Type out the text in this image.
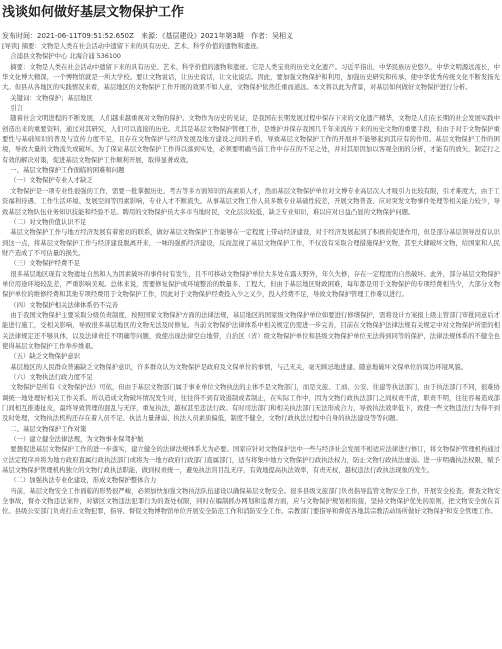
浅谈如何做好基层文物保护工作
发布时间：2021-06-11T09:51:52.650Z 来源：《基层建设》2021年第3期 作者：吴相义

[导读] 摘要：文物是人类在社会活动中遗留下来的具有历史、艺术、科学价值的遗物和遗迹。

合浦县文物保护中心 北海合浦 536100

摘要：文物是人类在社会活动中遗留下来的具有历史、艺术、科学价值的遗物和遗迹。它是人类宝贵的历史文化遗产。习近平指出，中华民族历史悠久，中华文明源远流长，中华文化博大精深，一个博物馆就是一所大学校。要让文物说话，让历史说话，让文化说话。因此，要加强文物保护和利用，加强历史研究和传承，使中华优秀传统文化不断发扬光大。但县从各地区的实践情况来看，基层地区的文物保护工作开展的效果不如人意，文物保护依然任重而道远。本文将以此为背景，对基层如何做好文物保护进行分析。

关键词：文物保护；基层地区

引言

随着社会文明进程的不断发展，人们越来越重视对文物的保护。文物作为历史的见证，是我国在长期发展过程中保存下来的文化遗产精华，文物是人们在长期的社会发展实践中创造出来的重要资料，通过对其研究，人们可以直接的历史。尤其是基层文物保护管理工作，是维护并保存我国几千年来流传下来的历史文物的重要手段，但由于对于文物保护重要性与基础知识的普及与宣传力度不足，且存在文物保护与经济发展及地方建设之间的矛盾，导致基层文物保护工作的开展并不能够起到其应有的作用。基层文物保护工作的困境，导致大量的文物流失或破坏。为了保证基层文物保护工作得以落到实处，必须要明确当前工作中存在的不足之处，并对其原因加以客观全面的分析，才能有的放矢，制定行之有效的解决对策，促进基层文物保护工作顺利开展，取得显著成效。

一、基层文物保护工作面临的困难和问题

（一）文物保护专业人才缺乏

文物保护是一项专业性很强的工作，需要一批掌握历史、考古等多方面知识的高素质人才，然而基层文物保护单位对文博专业高层次人才吸引力比较有限，引才难度大，由于工资福利待遇、工作生活环境、发展空间等因素影响，专业人才不断流失。从事基层文物工作人员多数专业基础性较差，开展文物普查、应对突发文物事件处理等相关能力较少，导致基层文物队伍业务知识技能和经验不足。聘用的文物保护员大多市当地时民，文化层次较低，缺乏专业知识，难以应对日益凸显的文物保护问题。

（二）对文物价值认识不足

基层文物保护工作与地方经济发展有着密切的联系，做好基层文物保护工作能够在一定程度上带动经济建设，对于经济发展起到了积极的促进作用，但是部分基层领导没有认识到这一点，将基层文物保护工作与经济建设脱离开来，一味的强抓经济建设，反而忽视了基层文物保护工作，不仅没有采取合理措施保护文物，甚至大肆破坏文物，给国家和人民财产造成了不可估量的损失。

（三）文物保护经费不足

很多基层地区现有文物遗址自然和人为因素破坏的事件时有发生，且不可移动文物保护单位大多处在露天野外，年久失修，存在一定程度的自然破坏。此外，部分基层文物保护单位用途环境较乱差，严重影响美观。总体来说，需要修复保护或环境整治的数量多、工程大，但由于基层地区财政困难，每年都是用于文物保护的专项经费相当少，大部分文物保护单位的维修经费和其他专项经费用于文物保护工作，因此对于文物保护经费投入少之又少，投入经费不足，导致文物保护管理工作难以进行。

（四）文物保护相关法律体系仍不完善

由于我国文物保护主要采取分级负责制度，按照国家文物保护方面的法律法规，基层地区的国家级文物保护单位如要进行修缮保护，需将设计方案报上级主管部门审批同意后才能进行施工，受相关影响，导致很多基层地区的文物无法及时修复。当前文物保护法律体系中相关规定仍需进一步完善，目前在文物保护法律法规有关规定中对文物保护所需的相关法律规定还不够具体，以及法律责任不明确等问题，致使出现法律空白地带，自治区（省）级文物保护单位和县级文物保护单位无法得到同等的保护，法律法规体系的不健全也使得基层文物保护工作举步维艰。

（五）缺乏文物保护意识

基层地区的人民群众普遍缺乏文物保护意识，许多群众认为文物保护是政府及文保单位的事情，与己无关，毫无顾忌地进建、随意地破坏文保单位的周边环境风貌。

（六）文物执法行政力度不足

文物保护是所有《文物保护法》可依，但由于基层文物部门属于事业单位文物执法的主体不是文物部门，而是文旅、工商、公安、住建等执法部门，由于执法部门不同，很难协调统一地处理好相关工作关系。所以造成文物破坏情况发生时，往往得不到有效遏制或者制止，在实际工作中，因为文物行政执法部门之间权责不清，职责不明，往往容易造成部门间相互推诿扯皮，最终导致管理的混乱与无序，重复执法，越权甚至违法行政。有时司法部门和相关执法部门无法形成合力，导致执法效率低下，致使一些文物违法行为得不到及时处理，文物执法机构还存在着人员不足、执法力量薄弱、执法人员素质偏低，制度不健全，文物行政执法过程中自身的执法建设等等问题。

二、基层文物保护工作对策

（一）建立健全法律法规，为文物事业保驾护航

要想促进基层文物保护工作的进一步落实，建立健全的法律法规体系尤为必要。国家应针对文物保护法中一些与经济社会发展不相适应法律进行修订，将文物保护管理机构通过立法定程序并将为地方政府直属行政执法部门或将为一地方政府行政部门直属部门，适当将集中地方文物保护行政执法权力，防止文物行政执法虚弱。进一步明确执法权限，赋予基层文物保护管理机构独立的文物行政执法职能，做到权责统一，避免执法盲目乱无序，有效地提高执法效率，有责无权，越权违法行政执法现象的发生。

（二）加强执法专业化建设，形成文物保护整体合力

当前，基层文物安全工作面临的形势很严峻，必须加快加强文物执法队伍建设以确保基层文物安全。很多县级文旅部门负责指导监管文物安全工作，开展安全检查，督查文物安全事故，督办文物违法案件，对辖区文物违法犯罪行为的查处权限，同时在编制抓办网划和监督方面，应与文物保护规划相衔接，坚持文物保护优先的原则，把文物安全放在首位。县级公安部门负责打击文物犯罪，指导、督促文物博物馆单位开展安全防范工作和消防安全工作。宗教部门要指导和督促各地其宗教活动场所做好文物保护和安全管理工作。
